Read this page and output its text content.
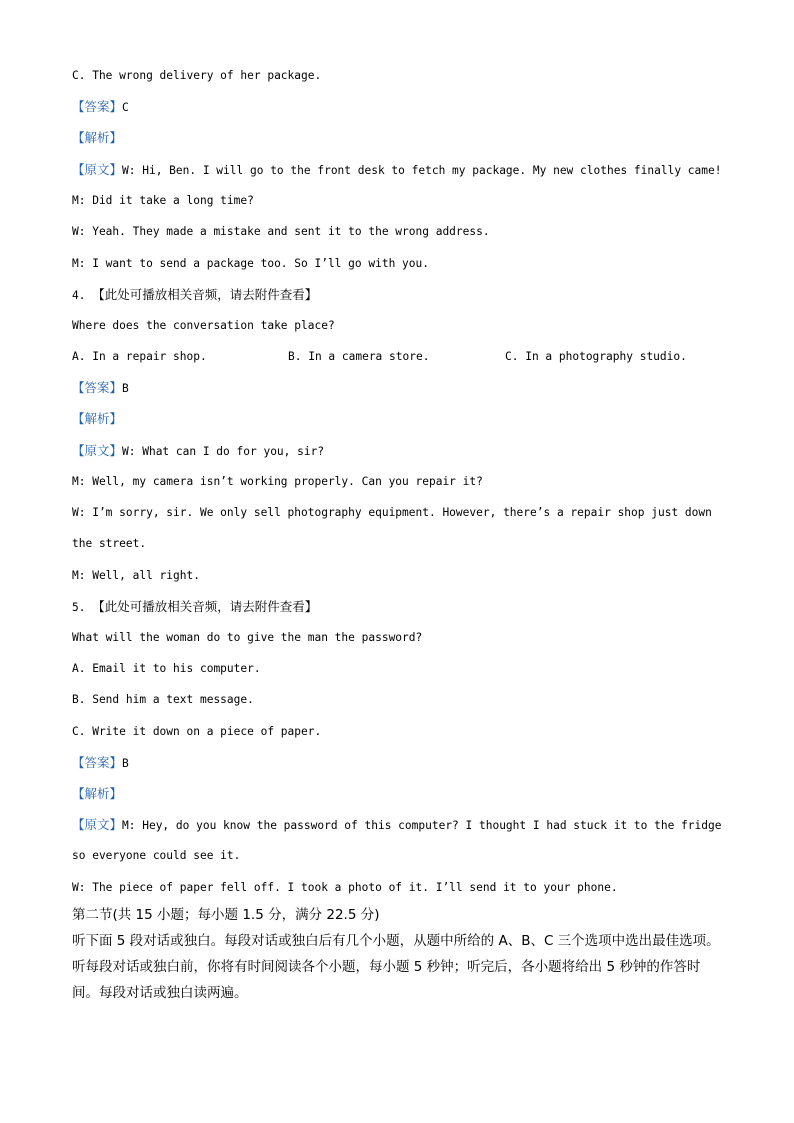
C. The wrong delivery of her package.
【答案】C
【解析】
【原文】W: Hi, Ben. I will go to the front desk to fetch my package. My new clothes finally came!
M: Did it take a long time?
W: Yeah. They made a mistake and sent it to the wrong address.
M: I want to send a package too. So I’ll go with you.
4. 【此处可播放相关音频，请去附件查看】
Where does the conversation take place?
A. In a repair shop.	B. In a camera store.	C. In a photography studio.
【答案】B
【解析】
【原文】W: What can I do for you, sir?
M: Well, my camera isn’t working properly. Can you repair it?
W: I’m sorry, sir. We only sell photography equipment. However, there’s a repair shop just down
the street.
M: Well, all right.
5. 【此处可播放相关音频，请去附件查看】
What will the woman do to give the man the password?
A. Email it to his computer.
B. Send him a text message.
C. Write it down on a piece of paper.
【答案】B
【解析】
【原文】M: Hey, do you know the password of this computer? I thought I had stuck it to the fridge
so everyone could see it.
W: The piece of paper fell off. I took a photo of it. I’ll send it to your phone.
第二节(共 15 小题；每小题 1.5 分，满分 22.5 分)
听下面 5 段对话或独白。每段对话或独白后有几个小题，从题中所给的 A、B、C 三个选项中选出最佳选项。
听每段对话或独白前，你将有时间阅读各个小题，每小题 5 秒钟；听完后，各小题将给出 5 秒钟的作答时
间。每段对话或独白读两遍。
